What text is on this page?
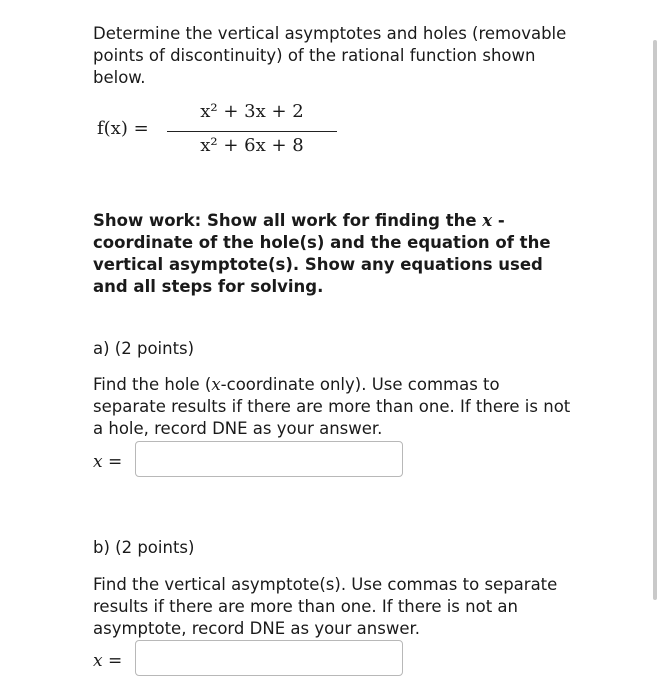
Determine the vertical asymptotes and holes (removable points of discontinuity) of the rational function shown below.
f(x) =
x² + 3x + 2
x² + 6x + 8
Show work: Show all work for finding the x -coordinate of the hole(s) and the equation of the vertical asymptote(s). Show any equations used and all steps for solving.
a) (2 points)
Find the hole (x-coordinate only). Use commas to separate results if there are more than one. If there is not a hole, record DNE as your answer.
x =
b) (2 points)
Find the vertical asymptote(s). Use commas to separate results if there are more than one. If there is not an asymptote, record DNE as your answer.
x =
